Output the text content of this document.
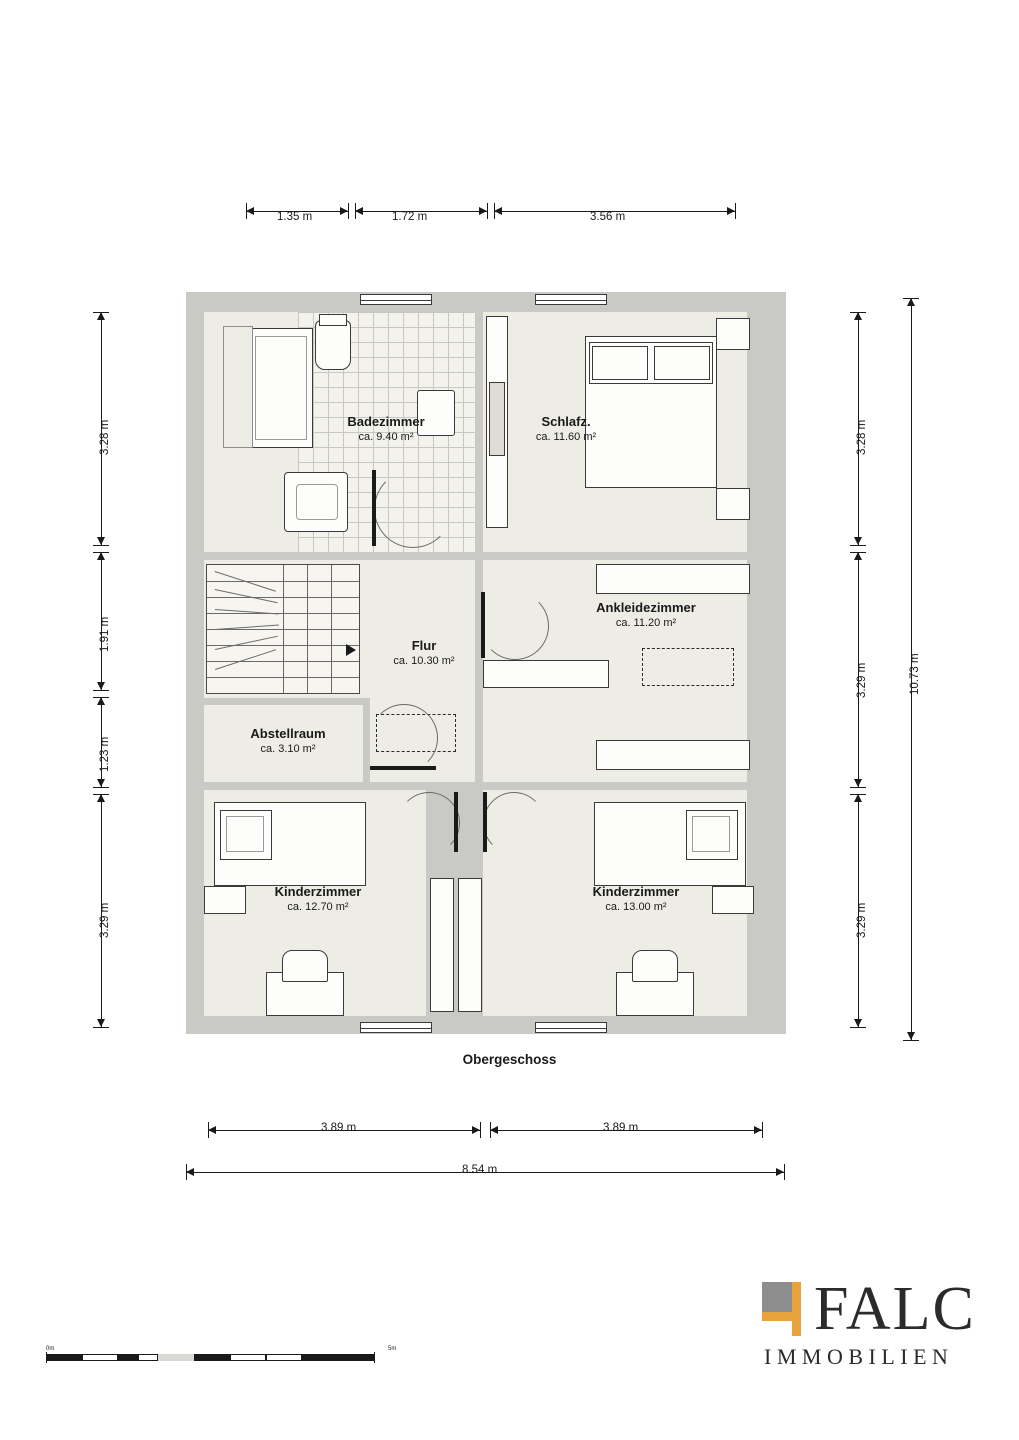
1.35 m	1.72 m	3.56 m
3.28 m
1.91 m
1.23 m
3.29 m
3.28 m
3.29 m
3.29 m
10.73 m
Badezimmer
ca. 9.40 m²
Schlafz.
ca. 11.60 m²
Flur
ca. 10.30 m²
Ankleidezimmer
ca. 11.20 m²
Abstellraum
ca. 3.10 m²
Kinderzimmer
ca. 12.70 m²
Kinderzimmer
ca. 13.00 m²
Obergeschoss
3.89 m	3.89 m
8.54 m
0m	5m
FALC
IMMOBILIEN
